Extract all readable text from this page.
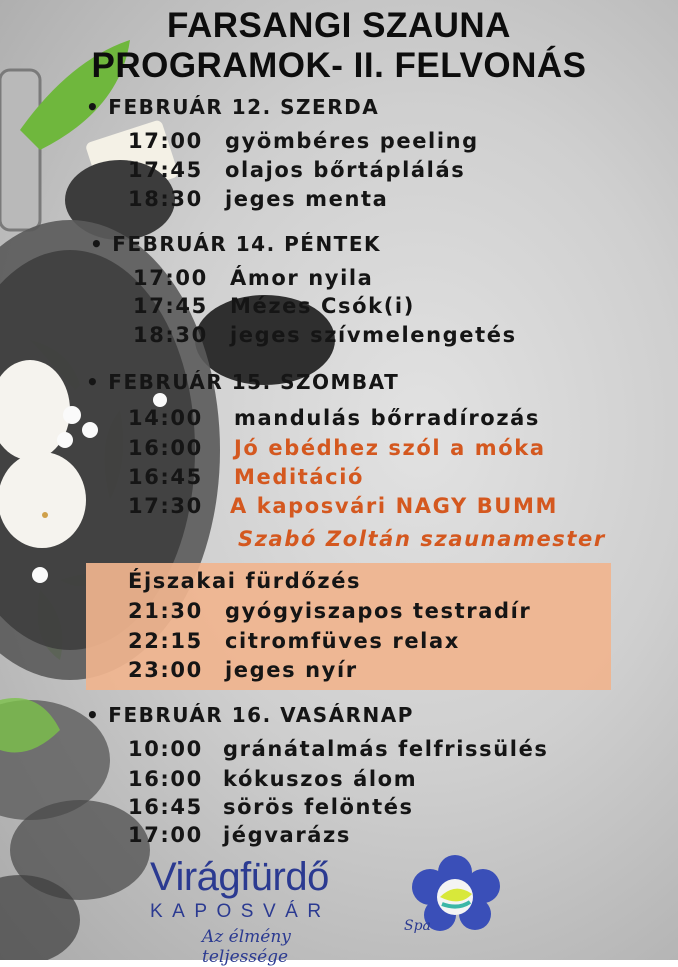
FARSANGI SZAUNA
PROGRAMOK- II. FELVONÁS
• FEBRUÁR 12. SZERDA
17:00 gyömbéres peeling
17:45 olajos bőrtáplálás
18:30 jeges menta
• FEBRUÁR 14. PÉNTEK
17:00 Ámor nyila
17:45 Mézes Csók(i)
18:30 jeges szívmelengetés
• FEBRUÁR 15. SZOMBAT
14:00 mandulás bőrradírozás
16:00 Jó ebédhez szól a móka
16:45 Meditáció
17:30 A kaposvári NAGY BUMM
Szabó Zoltán szaunamester
Éjszakai fürdőzés
21:30 gyógyiszapos testradír
22:15 citromfüves relax
23:00 jeges nyír
• FEBRUÁR 16. VASÁRNAP
10:00 gránátalmás felfrissülés
16:00 kókuszos álom
16:45 sörös felöntés
17:00 jégvarázs
Virágfürdő
KAPOSVÁR
Az élmény teljessége
Spa
